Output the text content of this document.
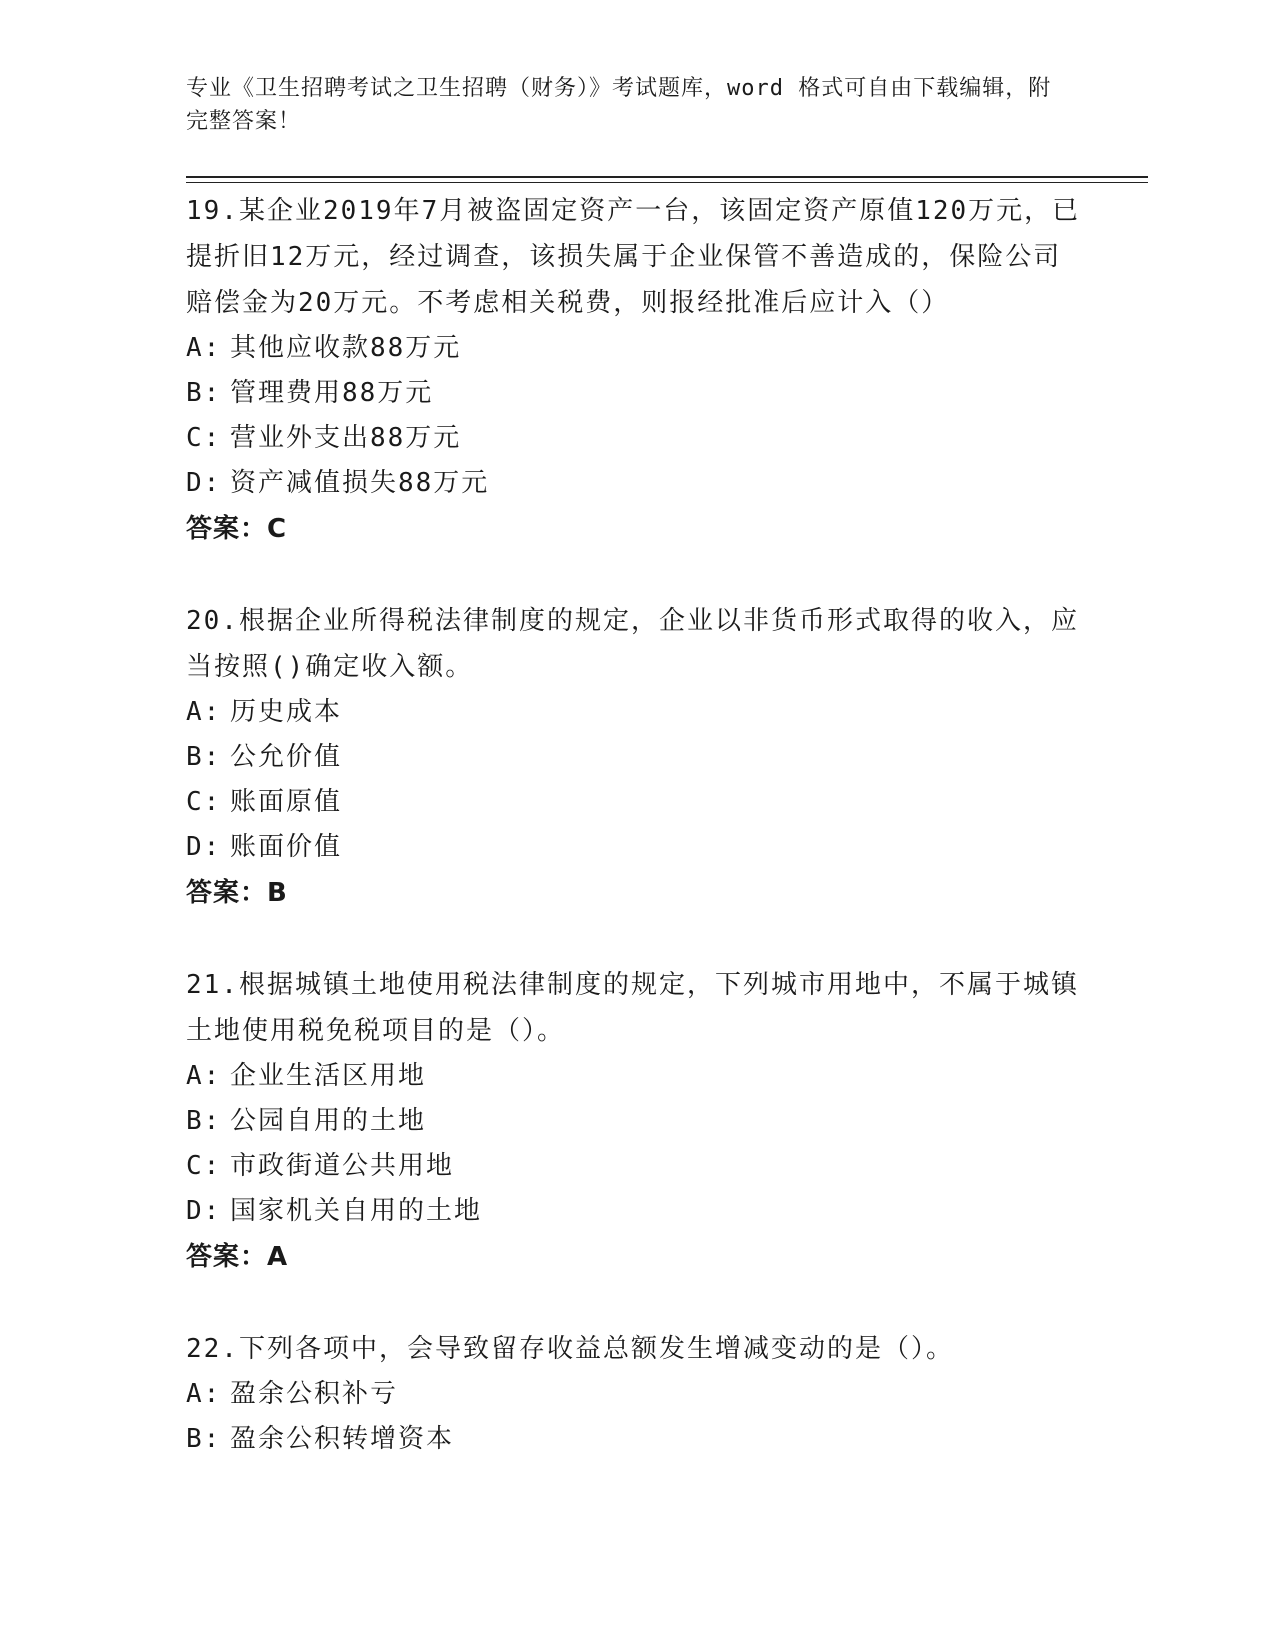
专业《卫生招聘考试之卫生招聘（财务）》考试题库，word 格式可自由下载编辑，附完整答案！
19.某企业2019年7月被盗固定资产一台，该固定资产原值120万元，已提折旧12万元，经过调查，该损失属于企业保管不善造成的，保险公司赔偿金为20万元。不考虑相关税费，则报经批准后应计入（）
A: 其他应收款88万元
B: 管理费用88万元
C: 营业外支出88万元
D: 资产减值损失88万元
答案：C
20.根据企业所得税法律制度的规定，企业以非货币形式取得的收入，应当按照()确定收入额。
A: 历史成本
B: 公允价值
C: 账面原值
D: 账面价值
答案：B
21.根据城镇土地使用税法律制度的规定，下列城市用地中，不属于城镇土地使用税免税项目的是（）。
A: 企业生活区用地
B: 公园自用的土地
C: 市政街道公共用地
D: 国家机关自用的土地
答案：A
22.下列各项中，会导致留存收益总额发生增减变动的是（）。
A: 盈余公积补亏
B: 盈余公积转增资本
